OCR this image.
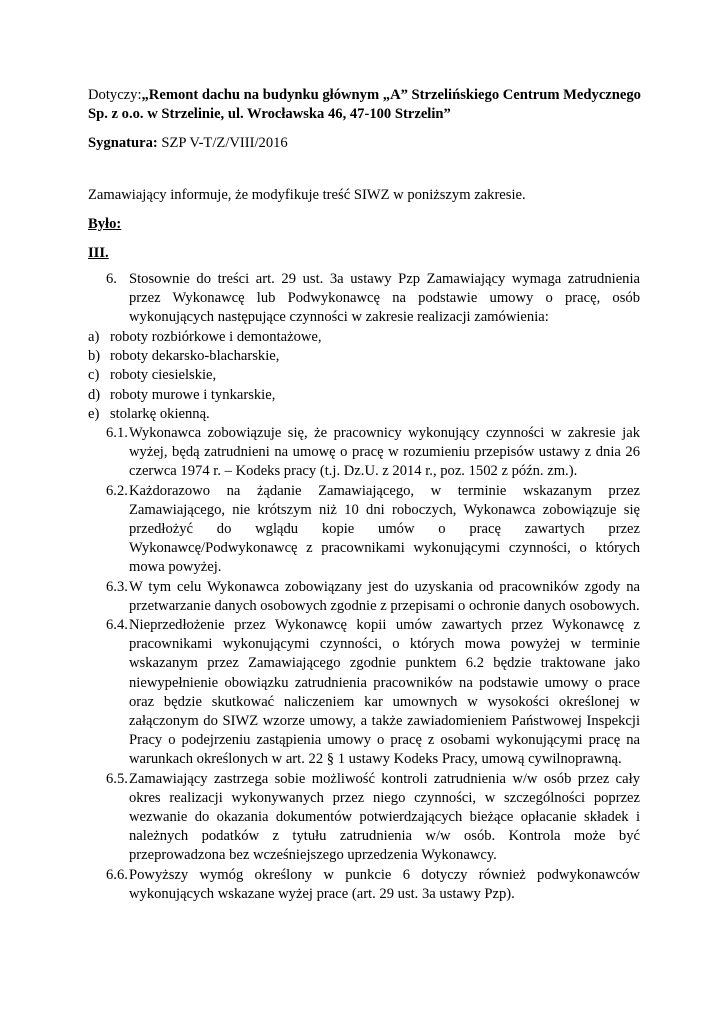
Dotyczy:„Remont dachu na budynku głównym „A” Strzelińskiego Centrum Medycznego Sp. z o.o. w Strzelinie, ul. Wrocławska 46, 47-100 Strzelin”
Sygnatura: SZP V-T/Z/VIII/2016
Zamawiający informuje, że modyfikuje treść SIWZ w poniższym zakresie.
Było:
III.
6. Stosownie do treści art. 29 ust. 3a ustawy Pzp Zamawiający wymaga zatrudnienia przez Wykonawcę lub Podwykonawcę na podstawie umowy o pracę, osób wykonujących następujące czynności w zakresie realizacji zamówienia:
a) roboty rozbiórkowe i demontażowe,
b) roboty dekarsko-blacharskie,
c) roboty ciesielskie,
d) roboty murowe i tynkarskie,
e) stolarkę okienną.
6.1. Wykonawca zobowiązuje się, że pracownicy wykonujący czynności w zakresie jak wyżej, będą zatrudnieni na umowę o pracę w rozumieniu przepisów ustawy z dnia 26 czerwca 1974 r. – Kodeks pracy (t.j. Dz.U. z 2014 r., poz. 1502 z późn. zm.).
6.2. Każdorazowo na żądanie Zamawiającego, w terminie wskazanym przez Zamawiającego, nie krótszym niż 10 dni roboczych, Wykonawca zobowiązuje się przedłożyć do wglądu kopie umów o pracę zawartych przez Wykonawcę/Podwykonawcę z pracownikami wykonującymi czynności, o których mowa powyżej.
6.3. W tym celu Wykonawca zobowiązany jest do uzyskania od pracowników zgody na przetwarzanie danych osobowych zgodnie z przepisami o ochronie danych osobowych.
6.4. Nieprzedłożenie przez Wykonawcę kopii umów zawartych przez Wykonawcę z pracownikami wykonującymi czynności, o których mowa powyżej w terminie wskazanym przez Zamawiającego zgodnie punktem 6.2 będzie traktowane jako niewypełnienie obowiązku zatrudnienia pracowników na podstawie umowy o prace oraz będzie skutkować naliczeniem kar umownych w wysokości określonej w załączonym do SIWZ wzorze umowy, a także zawiadomieniem Państwowej Inspekcji Pracy o podejrzeniu zastąpienia umowy o pracę z osobami wykonującymi pracę na warunkach określonych w art. 22 § 1 ustawy Kodeks Pracy, umową cywilnoprawną.
6.5. Zamawiający zastrzega sobie możliwość kontroli zatrudnienia w/w osób przez cały okres realizacji wykonywanych przez niego czynności, w szczególności poprzez wezwanie do okazania dokumentów potwierdzających bieżące opłacanie składek i należnych podatków z tytułu zatrudnienia w/w osób. Kontrola może być przeprowadzona bez wcześniejszego uprzedzenia Wykonawcy.
6.6. Powyższy wymóg określony w punkcie 6 dotyczy również podwykonawców wykonujących wskazane wyżej prace (art. 29 ust. 3a ustawy Pzp).
